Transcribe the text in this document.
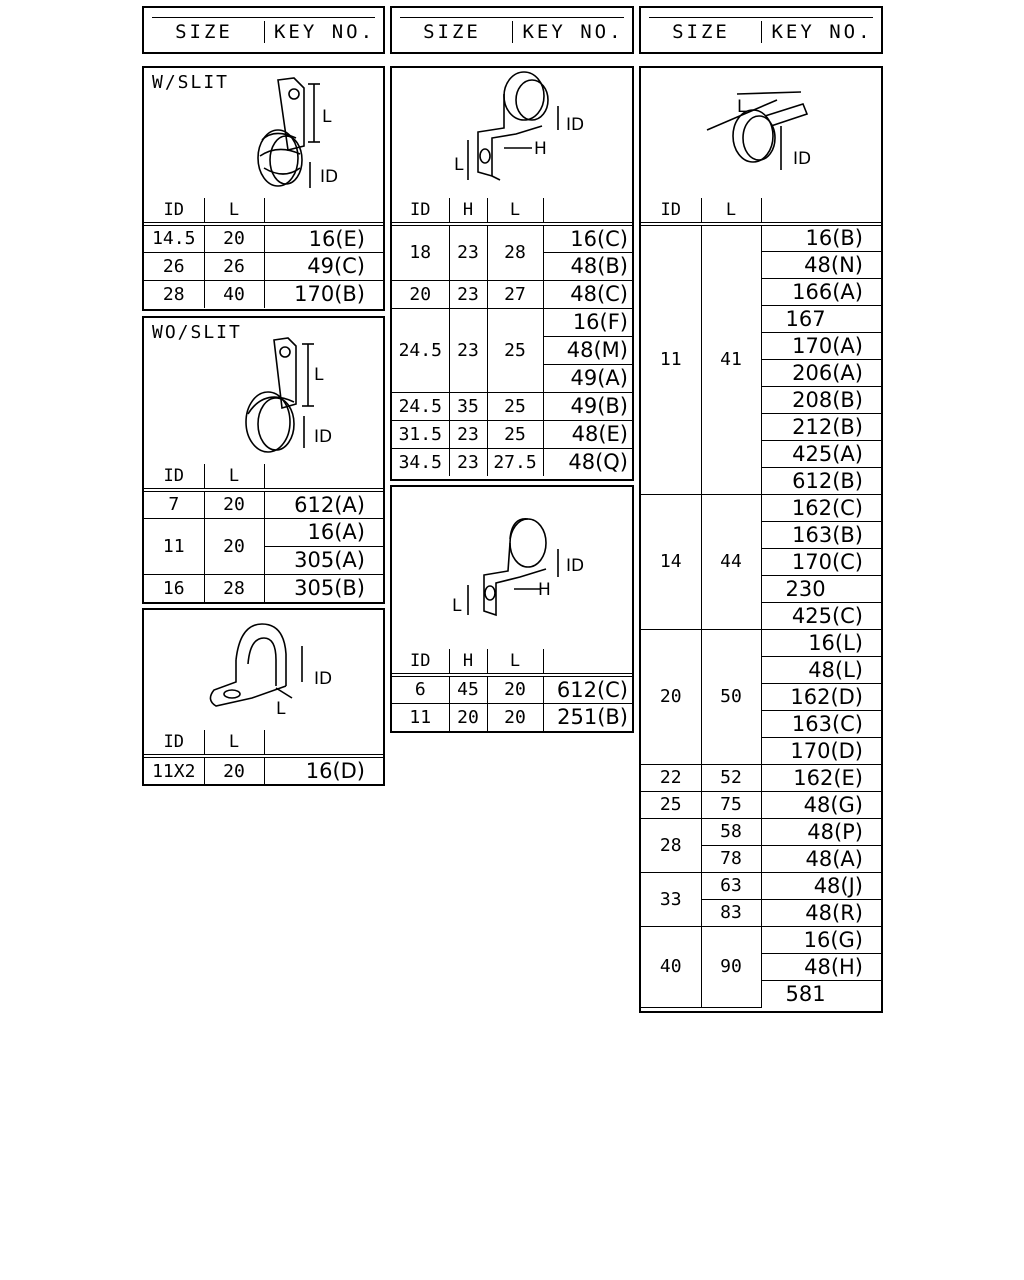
SIZE	KEY NO.	SIZE	KEY NO.	SIZE	KEY NO.
W/SLIT
L
ID
ID	L	
14.5	20	16(E)
26	26	49(C)
28	40	170(B)
WO/SLIT
L
ID
ID	L	
7	20	612(A)
11	20	16(A)
		305(A)
16	28	305(B)
ID
L
ID	L	
11X2	20	16(D)
L
H
ID
ID	H	L	
18	23	28	16(C)
			48(B)
20	23	27	48(C)
24.5	23	25	16(F)
			48(M)
			49(A)
24.5	35	25	49(B)
31.5	23	25	48(E)
34.5	23	27.5	48(Q)
L
H
ID
ID	H	L	
6	45	20	612(C)
11	20	20	251(B)
L
ID
ID	L	
11	41	16(B)
		48(N)
		166(A)
		167
		170(A)
		206(A)
		208(B)
		212(B)
		425(A)
		612(B)
14	44	162(C)
		163(B)
		170(C)
		230
		425(C)
20	50	16(L)
		48(L)
		162(D)
		163(C)
		170(D)
22	52	162(E)
25	75	48(G)
28	58	48(P)
	78	48(A)
33	63	48(J)
	83	48(R)
40	90	16(G)
		48(H)
		581
